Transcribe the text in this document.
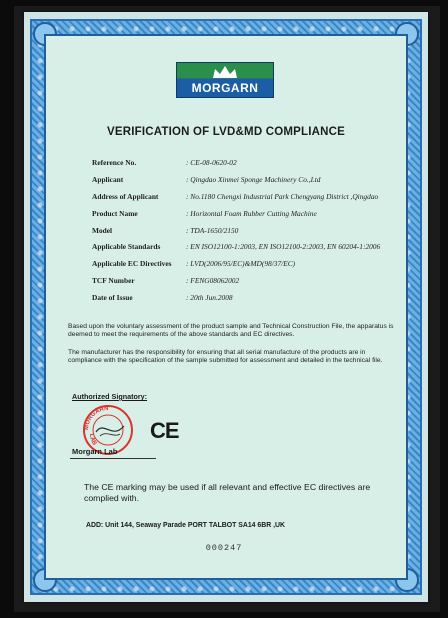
MORGARN
VERIFICATION OF LVD&MD COMPLIANCE
Reference No.	: CE-08-0620-02
Applicant	: Qingdao Xinmei Sponge Machinery Co.,Ltd
Address of Applicant	: No.1180 Chengxi Industrial Park Chengyang District ,Qingdao
Product Name	: Horizontal Foam Rubber Cutting Machine
Model	: TDA-1650/2150
Applicable Standards	: EN ISO12100-1:2003, EN ISO12100-2:2003, EN 60204-1:2006
Applicable EC Directives : LVD(2006/95/EC)&MD(98/37/EC)
TCF Number	: FENG08062002
Date of Issue	: 20th Jun.2008
Based upon the voluntary assessment of the product sample and Technical Construction File, the apparatus is deemed to meet the requirements of the above standards and EC directives.
The manufacturer has the responsibility for ensuring that all serial manufacture of the products are in compliance with the specification of the sample submitted for assessment and detailed in the technical file.
Authorized Signatory:
MORGARN
LAB
CE
Morgarn Lab
The CE marking may be used if all relevant and effective EC directives are complied with.
ADD: Unit 144, Seaway Parade PORT TALBOT SA14 6BR ,UK
000247
